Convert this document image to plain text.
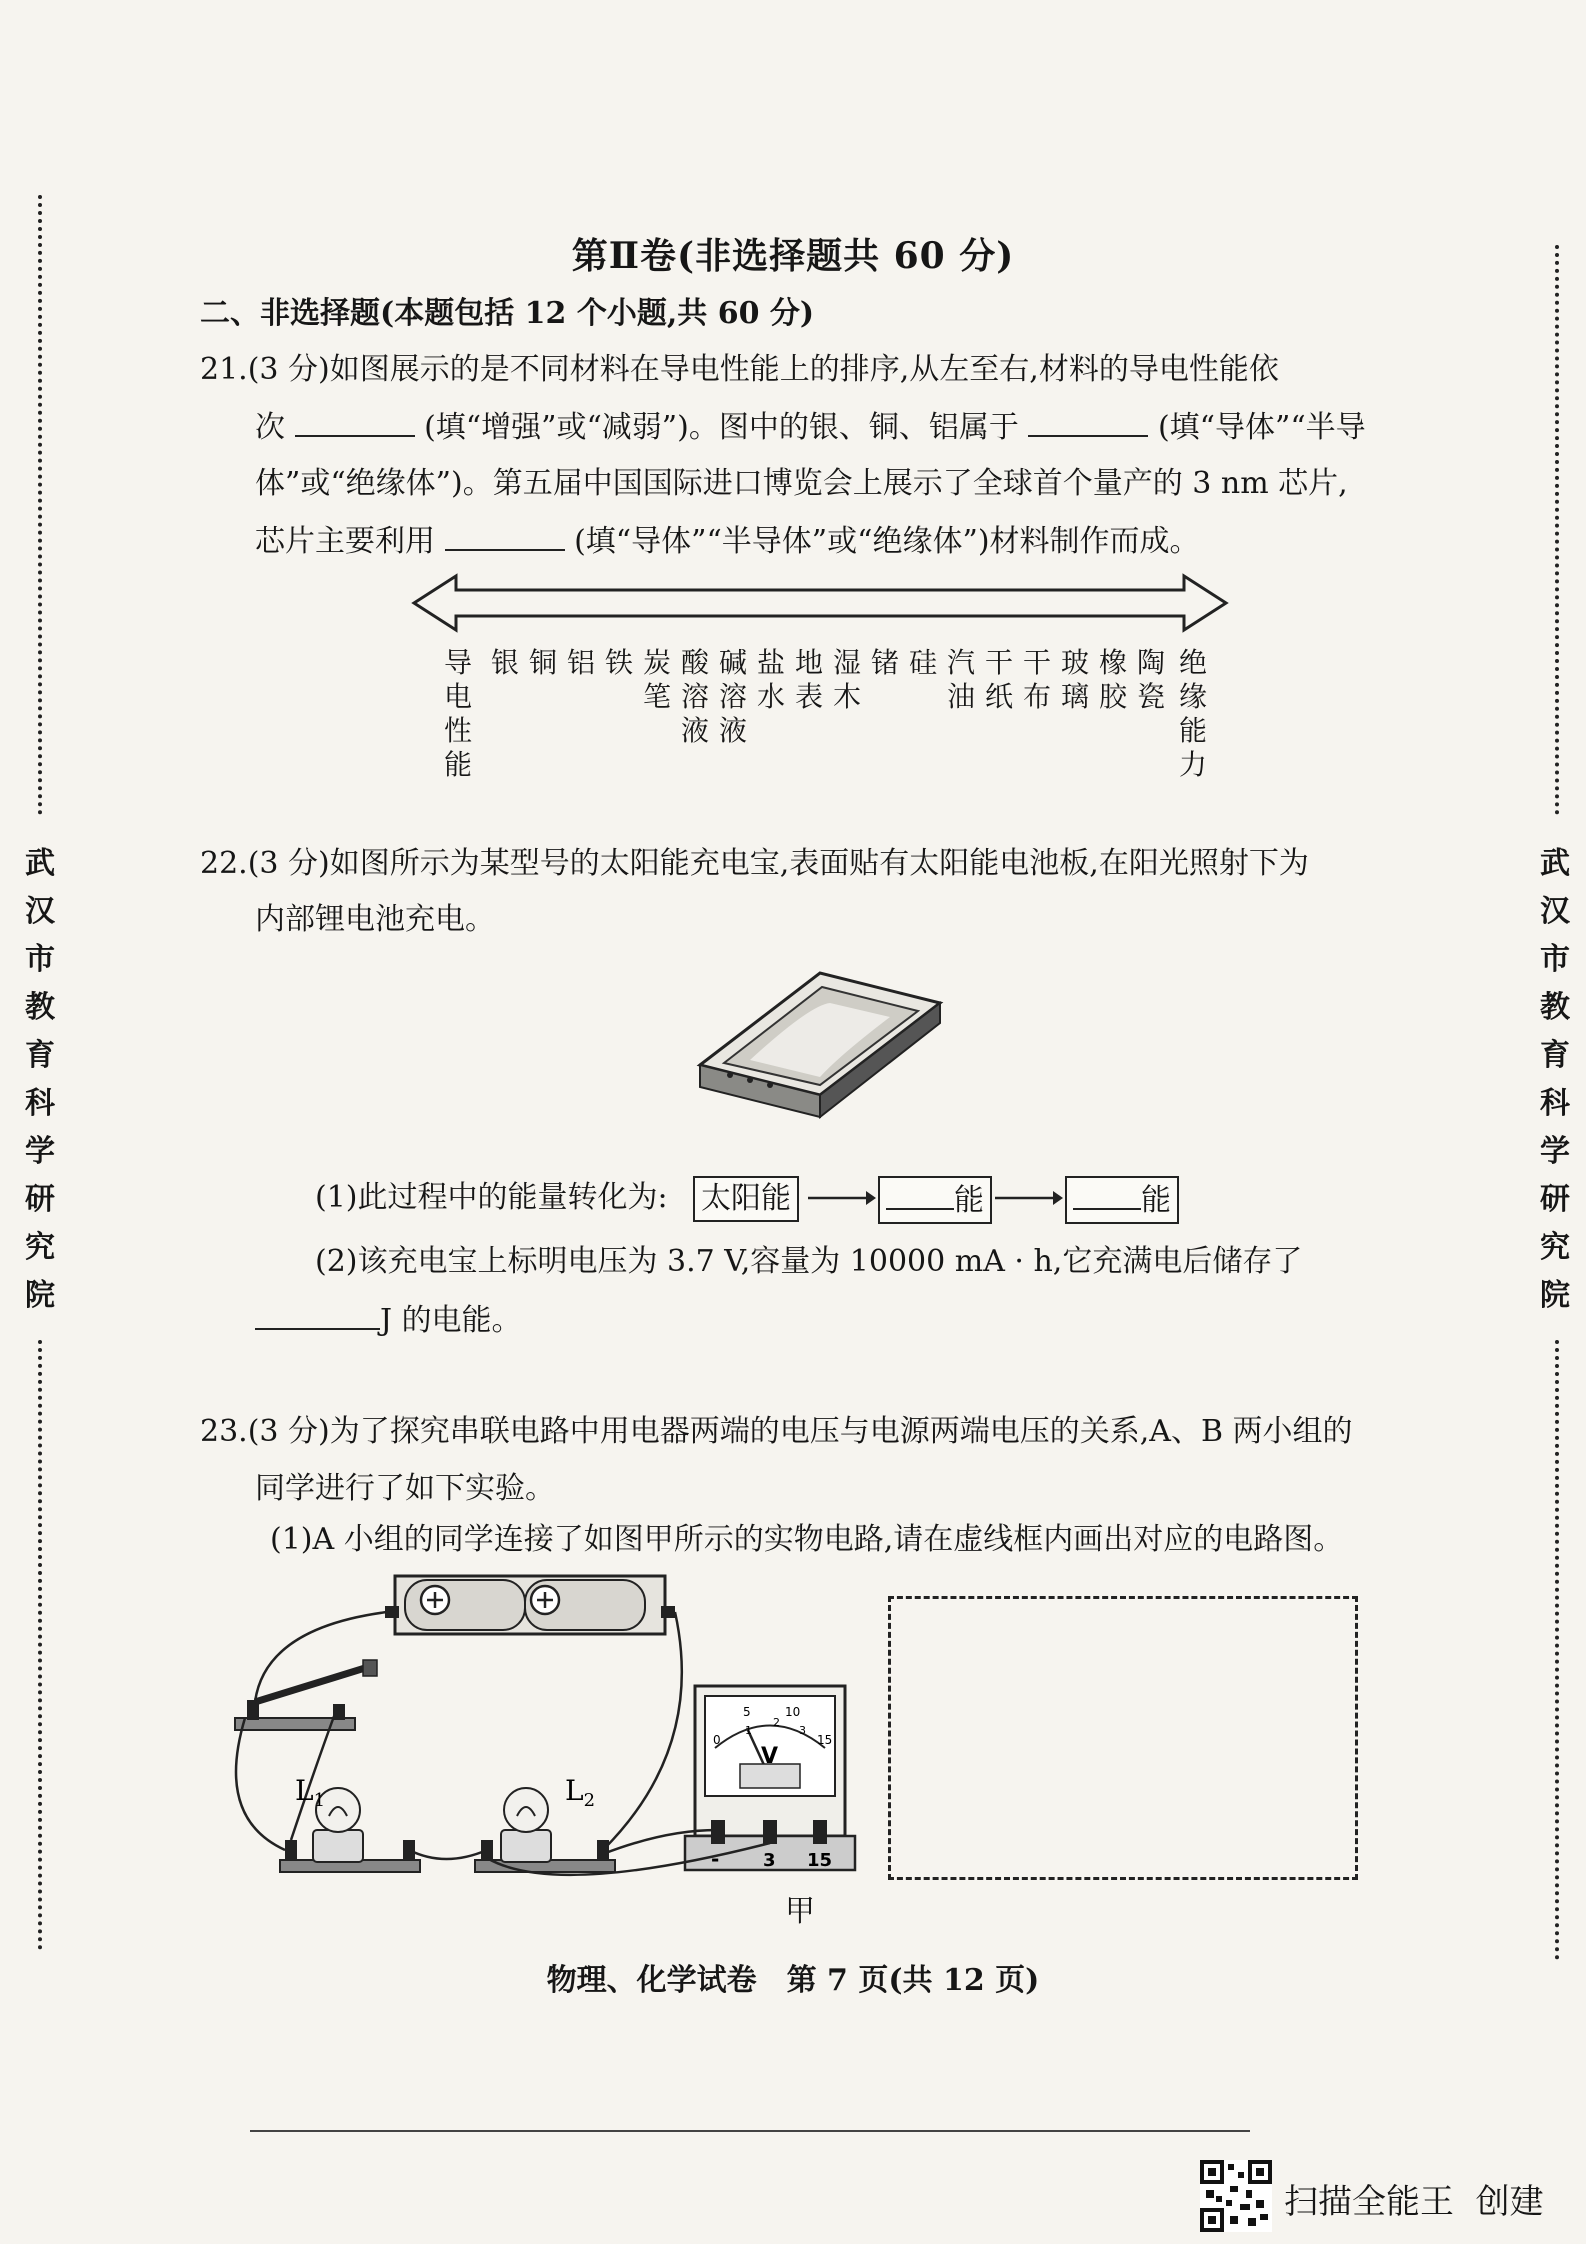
武
汉
市
教
育
科
学
研
究
院
武
汉
市
教
育
科
学
研
究
院
第Ⅱ卷(非选择题共 60 分)
二、非选择题(本题包括 12 个小题,共 60 分)
21.(3 分)如图展示的是不同材料在导电性能上的排序,从左至右,材料的导电性能依
次	(填“增强”或“减弱”)。图中的银、铜、铝属于	(填“导体”“半导
体”或“绝缘体”)。第五届中国国际进口博览会上展示了全球首个量产的 3 nm 芯片,
芯片主要利用	(填“导体”“半导体”或“绝缘体”)材料制作而成。
导电性能
银 铜 铝 铁 炭笔
酸溶液
碱溶液
盐水
地表
湿木
锗 硅 汽油
干纸
干布
玻璃
橡胶
陶瓷
绝缘能力
22.(3 分)如图所示为某型号的太阳能充电宝,表面贴有太阳能电池板,在阳光照射下为
内部锂电池充电。
(1)此过程中的能量转化为: 太阳能	能	能
(2)该充电宝上标明电压为 3.7 V,容量为 10000 mA · h,它充满电后储存了
J 的电能。
23.(3 分)为了探究串联电路中用电器两端的电压与电源两端电压的关系,A、B 两小组的
同学进行了如下实验。
(1)A 小组的同学连接了如图甲所示的实物电路,请在虚线框内画出对应的电路图。
$L_1$	$L_2$
V
0
5	10
15
1
2
3
- 3 15
甲
物理、化学试卷　第 7 页(共 12 页)
扫描全能王  创建
